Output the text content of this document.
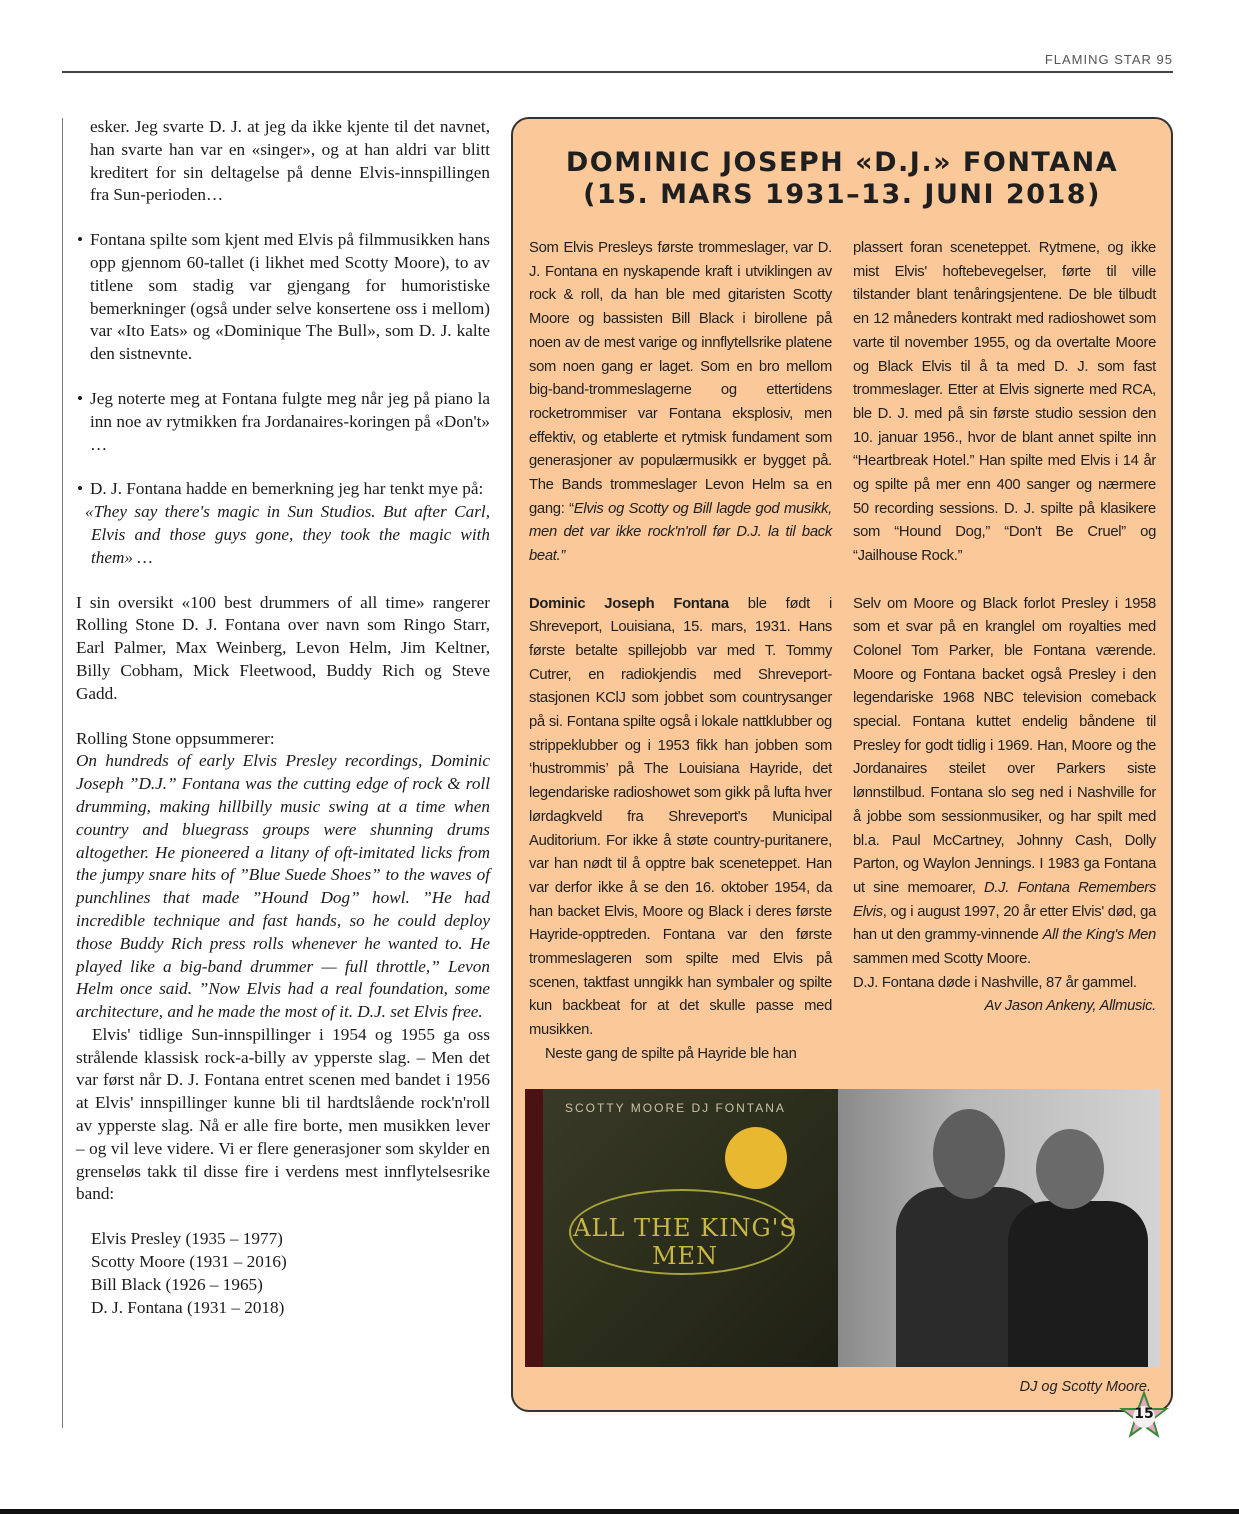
FLAMING STAR 95

esker. Jeg svarte D. J. at jeg da ikke kjente til det navnet, han svarte han var en «singer», og at han aldri var blitt kreditert for sin deltagelse på denne Elvis-innspillingen fra Sun-perioden…

• Fontana spilte som kjent med Elvis på filmmusikken hans opp gjennom 60-tallet (i likhet med Scotty Moore), to av titlene som stadig var gjengang for humoristiske bemerkninger (også under selve konsertene oss i mellom) var «Ito Eats» og «Dominique The Bull», som D. J. kalte den sistnevnte.

• Jeg noterte meg at Fontana fulgte meg når jeg på piano la inn noe av rytmikken fra Jordanaires-koringen på «Don't» …

• D. J. Fontana hadde en bemerkning jeg har tenkt mye på:

«They say there's magic in Sun Studios. But after Carl, Elvis and those guys gone, they took the magic with them» …

I sin oversikt «100 best drummers of all time» rangerer Rolling Stone D. J. Fontana over navn som Ringo Starr, Earl Palmer, Max Weinberg, Levon Helm, Jim Keltner, Billy Cobham, Mick Fleetwood, Buddy Rich og Steve Gadd.

Rolling Stone oppsummerer:

On hundreds of early Elvis Presley recordings, Dominic Joseph ”D.J.” Fontana was the cutting edge of rock & roll drumming, making hillbilly music swing at a time when country and bluegrass groups were shunning drums altogether. He pioneered a litany of oft-imitated licks from the jumpy snare hits of ”Blue Suede Shoes” to the waves of punchlines that made ”Hound Dog” howl. ”He had incredible technique and fast hands, so he could deploy those Buddy Rich press rolls whenever he wanted to. He played like a big-band drummer — full throttle,” Levon Helm once said. ”Now Elvis had a real foundation, some architecture, and he made the most of it. D.J. set Elvis free.

Elvis' tidlige Sun-innspillinger i 1954 og 1955 ga oss strålende klassisk rock-a-billy av ypperste slag. – Men det var først når D. J. Fontana entret scenen med bandet i 1956 at Elvis' innspillinger kunne bli til hardtslående rock'n'roll av ypperste slag. Nå er alle fire borte, men musikken lever – og vil leve videre. Vi er flere generasjoner som skylder en grenseløs takk til disse fire i verdens mest innflytelsesrike band:

Elvis Presley (1935 – 1977)

Scotty Moore (1931 – 2016)

Bill Black (1926 – 1965)

D. J. Fontana (1931 – 2018)

DOMINIC JOSEPH «D.J.» FONTANA
(15. MARS 1931–13. JUNI 2018)

Som Elvis Presleys første trommeslager, var D. J. Fontana en nyskapende kraft i utviklingen av rock & roll, da han ble med gitaristen Scotty Moore og bassisten Bill Black i birollene på noen av de mest varige og innflytellsrike platene som noen gang er laget. Som en bro mellom big-band-trommeslagerne og ettertidens rocketrommiser var Fontana eksplosiv, men effektiv, og etablerte et rytmisk fundament som generasjoner av populærmusikk er bygget på. The Bands trommeslager Levon Helm sa en gang: “Elvis og Scotty og Bill lagde god musikk, men det var ikke rock'n'roll før D.J. la til back beat.”

Dominic Joseph Fontana ble født i Shreveport, Louisiana, 15. mars, 1931. Hans første betalte spillejobb var med T. Tommy Cutrer, en radiokjendis med Shreveport-stasjonen KClJ som jobbet som countrysanger på si. Fontana spilte også i lokale nattklubber og strippeklubber og i 1953 fikk han jobben som ‘hustrommis’ på The Louisiana Hayride, det legendariske radioshowet som gikk på lufta hver lørdagkveld fra Shreveport's Municipal Auditorium. For ikke å støte country-puritanere, var han nødt til å opptre bak sceneteppet. Han var derfor ikke å se den 16. oktober 1954, da han backet Elvis, Moore og Black i deres første Hayride-opptreden. Fontana var den første trommeslageren som spilte med Elvis på scenen, taktfast unngikk han symbaler og spilte kun backbeat for at det skulle passe med musikken.

Neste gang de spilte på Hayride ble han

plassert foran sceneteppet. Rytmene, og ikke mist Elvis' hoftebevegelser, førte til ville tilstander blant tenåringsjentene. De ble tilbudt en 12 måneders kontrakt med radioshowet som varte til november 1955, og da overtalte Moore og Black Elvis til å ta med D. J. som fast trommeslager. Etter at Elvis signerte med RCA, ble D. J. med på sin første studio session den 10. januar 1956., hvor de blant annet spilte inn “Heartbreak Hotel.” Han spilte med Elvis i 14 år og spilte på mer enn 400 sanger og nærmere 50 recording sessions. D. J. spilte på klasikere som “Hound Dog,” “Don't Be Cruel” og “Jailhouse Rock.”

Selv om Moore og Black forlot Presley i 1958 som et svar på en kranglel om royalties med Colonel Tom Parker, ble Fontana værende. Moore og Fontana backet også Presley i den legendariske 1968 NBC television comeback special. Fontana kuttet endelig båndene til Presley for godt tidlig i 1969. Han, Moore og the Jordanaires steilet over Parkers siste lønnstilbud. Fontana slo seg ned i Nashville for å jobbe som sessionmusiker, og har spilt med bl.a. Paul McCartney, Johnny Cash, Dolly Parton, og Waylon Jennings. I 1983 ga Fontana ut sine memoarer, D.J. Fontana Remembers Elvis, og i august 1997, 20 år etter Elvis' død, ga han ut den grammy-vinnende All the King's Men sammen med Scotty Moore.

D.J. Fontana døde i Nashville, 87 år gammel.

Av Jason Ankeny, Allmusic.

SCOTTY MOORE DJ FONTANA
ALL THE KING'S MEN
DJ og Scotty Moore.
15
